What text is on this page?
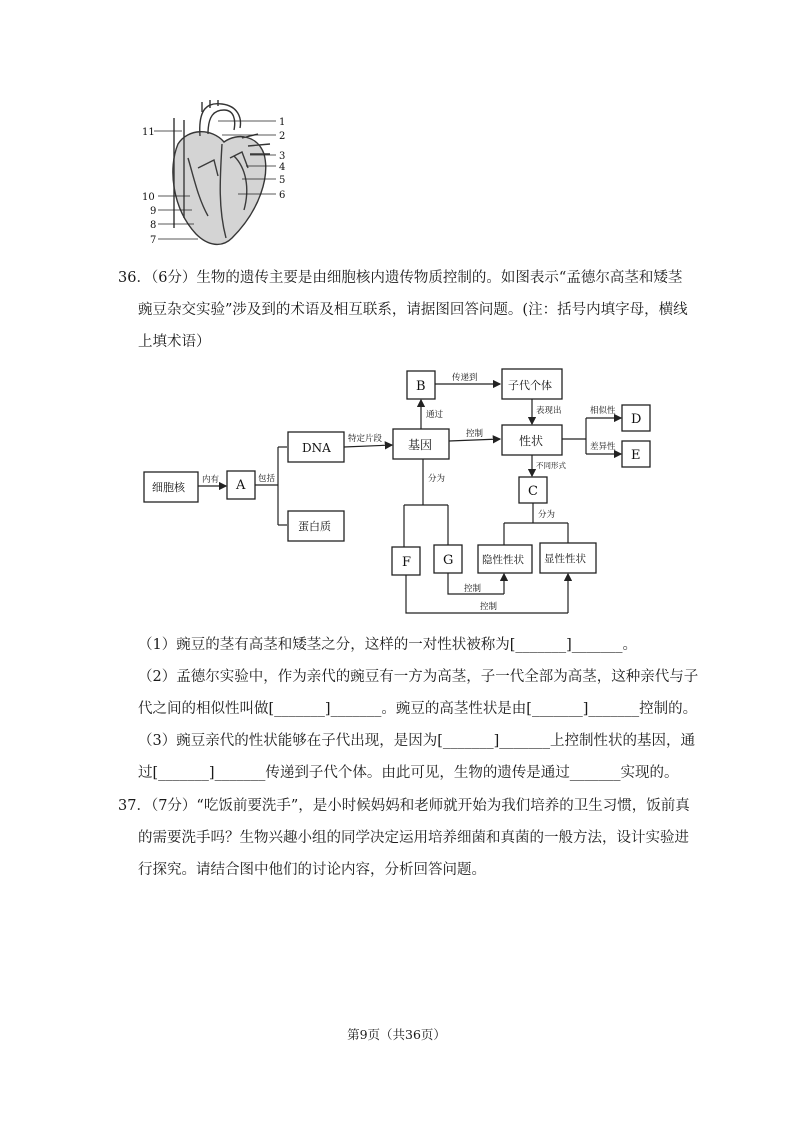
1
2
3
4
5
6
7
8
9
10
11
36．（6分）生物的遗传主要是由细胞核内遗传物质控制的。如图表示“孟德尔高茎和矮茎
豌豆杂交实验”涉及到的术语及相互联系，请据图回答问题。(注：括号内填字母，横线
上填术语）
细胞核	A
DNA
蛋白质
基因
B	子代个体
性状
D
E
C
F G	隐性性状 显性性状
内有	包括
特定片段
通过
传递到
表现出
控制
相似性
差异性
不同形式
分为
分为
控制
控制
（1）豌豆的茎有高茎和矮茎之分，这样的一对性状被称为[_______]_______。
（2）孟德尔实验中，作为亲代的豌豆有一方为高茎，子一代全部为高茎，这种亲代与子
代之间的相似性叫做[_______]_______。豌豆的高茎性状是由[_______]_______控制的。
（3）豌豆亲代的性状能够在子代出现，是因为[_______]_______上控制性状的基因，通
过[_______]_______传递到子代个体。由此可见，生物的遗传是通过_______实现的。
37．（7分）“吃饭前要洗手”，是小时候妈妈和老师就开始为我们培养的卫生习惯，饭前真
的需要洗手吗？生物兴趣小组的同学决定运用培养细菌和真菌的一般方法，设计实验进
行探究。请结合图中他们的讨论内容，分析回答问题。
第9页（共36页）
